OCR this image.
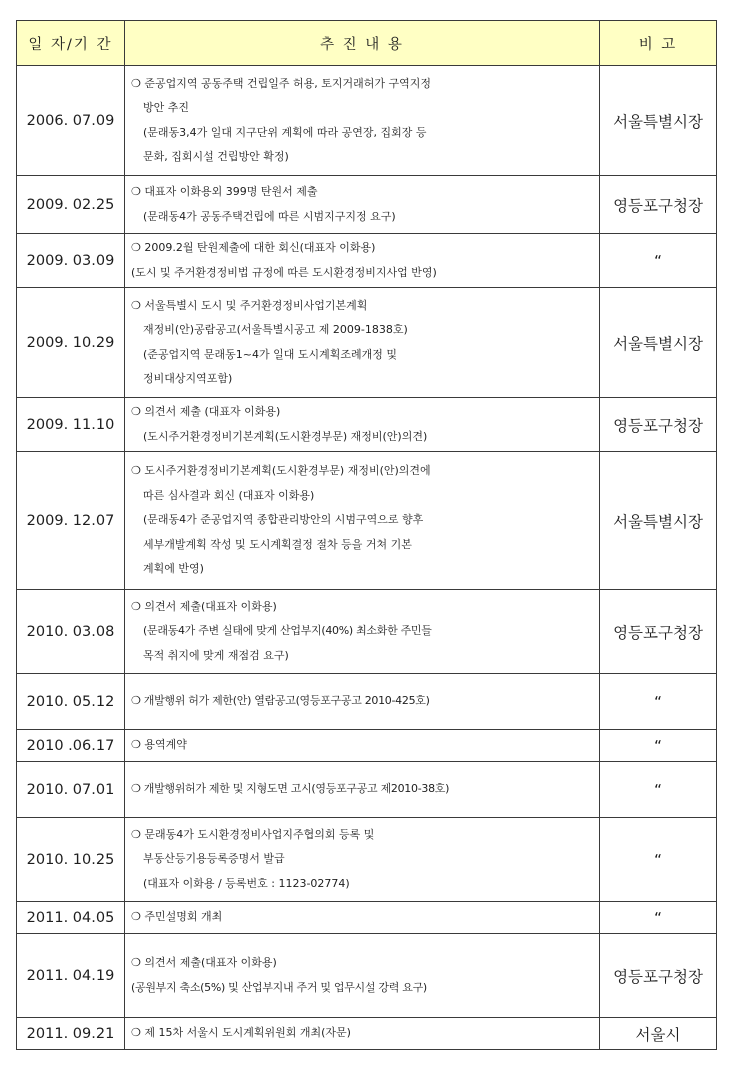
일 자/기 간	추 진 내 용	비 고
2006. 07.09	❍ 준공업지역 공동주택 건립일주 허용, 토지거래허가 구역지정
방안 추진
(문래동3,4가 일대 지구단위 계획에 따라 공연장, 집회장 등
문화, 집회시설 건립방안 확정)	서울특별시장
2009. 02.25	❍ 대표자 이화용외 399명 탄원서 제출
(문래동4가 공동주택건립에 따른 시범지구지정 요구)	영등포구청장
2009. 03.09	❍ 2009.2월 탄원제출에 대한 회신(대표자 이화용)
(도시 및 주거환경정비법 규정에 따른 도시환경정비지사업 반영)	“
2009. 10.29	❍ 서울특별시 도시 및 주거환경정비사업기본계획
재정비(안)공람공고(서울특별시공고 제 2009-1838호)
(준공업지역 문래동1~4가 일대 도시계획조례개정 및
정비대상지역포함)	서울특별시장
2009. 11.10	❍ 의견서 제출 (대표자 이화용)
(도시주거환경정비기본계획(도시환경부문) 재정비(안)의견)	영등포구청장
2009. 12.07	❍ 도시주거환경정비기본계획(도시환경부문) 재정비(안)의견에
따른 심사결과 회신 (대표자 이화용)
(문래동4가 준공업지역 종합관리방안의 시범구역으로 향후
세부개발계획 작성 및 도시계획결정 절차 등을 거쳐 기본
계획에 반영)	서울특별시장
2010. 03.08	❍ 의견서 제출(대표자 이화용)
(문래동4가 주변 실태에 맞게 산업부지(40%) 최소화한 주민들
목적 취지에 맞게 재점검 요구)	영등포구청장
2010. 05.12	❍ 개발행위 허가 제한(안) 열람공고(영등포구공고 2010-425호)	“
2010 .06.17	❍ 용역계약	“
2010. 07.01	❍ 개발행위허가 제한 및 지형도면 고시(영등포구공고 제2010-38호)	“
2010. 10.25	❍ 문래동4가 도시환경정비사업지주협의회 등록 및
부동산등기용등록증명서 발급
(대표자 이화용 / 등록번호 : 1123-02774)	“
2011. 04.05	❍ 주민설명회 개최	“
2011. 04.19	❍ 의견서 제출(대표자 이화용)
(공원부지 축소(5%) 및 산업부지내 주거 및 업무시설 강력 요구)	영등포구청장
2011. 09.21	❍ 제 15차 서울시 도시계획위원회 개최(자문)	서울시
